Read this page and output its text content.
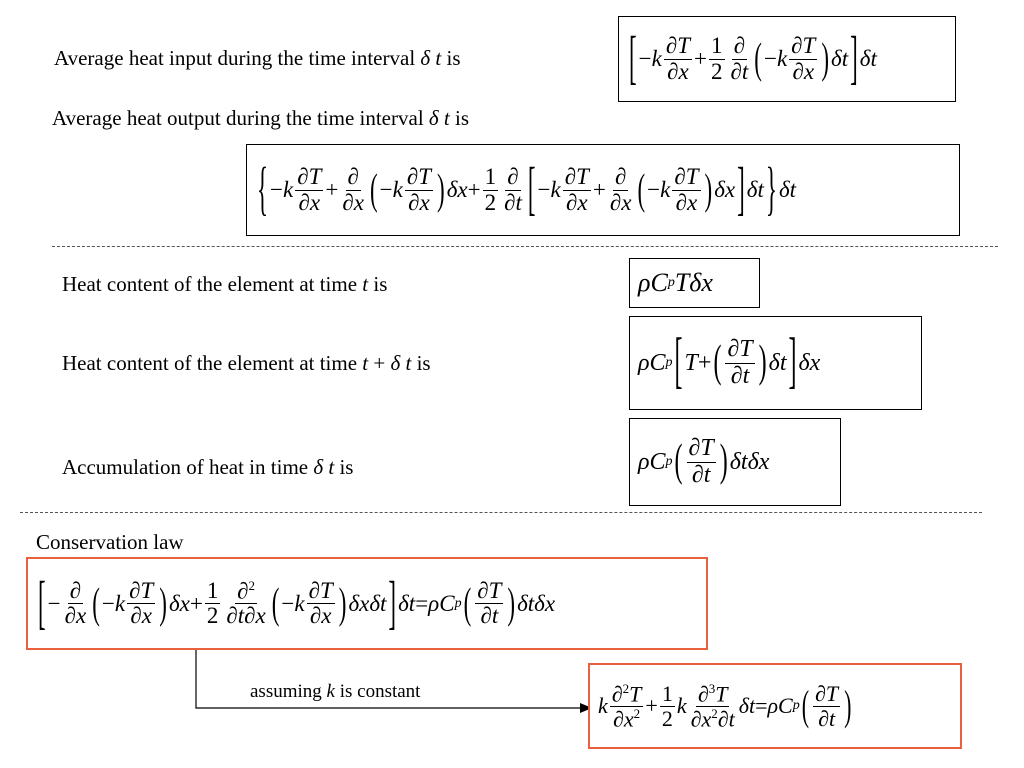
Average heat input during the time interval δ t is	[ − k $\frac{\partial T}{\partial x} + \frac{1}{2} \frac{\partial}{\partial t}$ ( − k $\frac{\partial T}{\partial x}$ ) δt ] δt
Average heat output during the time interval δ t is
{ − k $\frac{\partial T}{\partial x} + \frac{\partial}{\partial x}$ ( − k $\frac{\partial T}{\partial x}$ ) $\delta x + \frac{1}{2} \frac{\partial}{\partial t}$ [ − k $\frac{\partial T}{\partial x} + \frac{\partial}{\partial x}$ ( − k $\frac{\partial T}{\partial x}$ ) δx ] δt } δt
Heat content of the element at time t is	ρC p Tδx
Heat content of the element at time t + δ t is	ρC p [ T + ( $\frac{\partial T}{\partial t}$ ) δt ] δx
Accumulation of heat in time δ t is	ρC p ( $\frac{\partial T}{\partial t}$ ) δtδx
Conservation law
[ − $\frac{\partial}{\partial x}$ ( − k $\frac{\partial T}{\partial x}$ ) $\delta x + \frac{1}{2} \frac{\partial^2}{\partial t\partial x}$ ( − k $\frac{\partial T}{\partial x}$ ) δxδt ] δt = ρC p ( $\frac{\partial T}{\partial t}$ ) δtδx
assuming k is constant
k $\frac{\partial^2T}{\partial x^2} + \frac{1}{2}$ k $\frac{\partial^3T}{\partial x^2\partial t}$ δt = ρC p ( $\frac{\partial T}{\partial t}$ )
